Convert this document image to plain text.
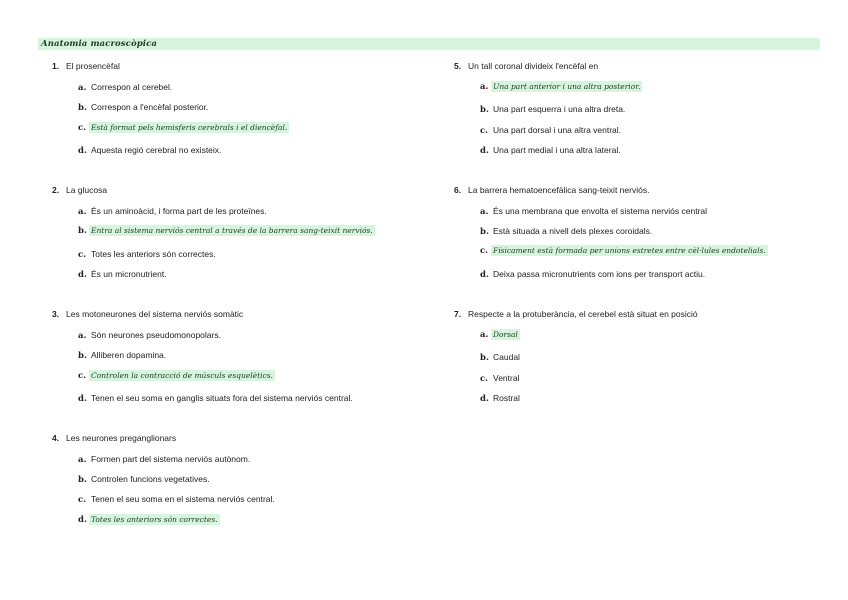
Anatomia macroscòpica
1. El prosencèfal
a. Correspon al cerebel.
b. Correspon a l'encèfal posterior.
c. Està format pels hemisferis cerebrals i el diencèfal.
d. Aquesta regió cerebral no existeix.
2. La glucosa
a. És un aminoàcid, i forma part de les proteïnes.
b. Entra al sistema nerviós central a través de la barrera sang-teixit nerviós.
c. Totes les anteriors són correctes.
d. És un micronutrient.
3. Les motoneurones del sistema nerviós somàtic
a. Són neurones pseudomonopolars.
b. Alliberen dopamina.
c. Controlen la contracció de músculs esquelètics.
d. Tenen el seu soma en ganglis situats fora del sistema nerviós central.
4. Les neurones preganglionars
a. Formen part del sistema nerviós autònom.
b. Controlen funcions vegetatives.
c. Tenen el seu soma en el sistema nerviós central.
d. Totes les anteriors són correctes.
5. Un tall coronal divideix l'encèfal en
a. Una part anterior i una altra posterior.
b. Una part esquerra i una altra dreta.
c. Una part dorsal i una altra ventral.
d. Una part medial i una altra lateral.
6. La barrera hematoencefàlica sang-teixit nerviós.
a. És una membrana que envolta el sistema nerviós central
b. Està situada a nivell dels plexes coroidals.
c. Físicament està formada per unions estretes entre cèl·lules endotelials.
d. Deixa passa micronutrients com ions per transport actiu.
7. Respecte a la protuberància, el cerebel està situat en posició
a. Dorsal
b. Caudal
c. Ventral
d. Rostral
